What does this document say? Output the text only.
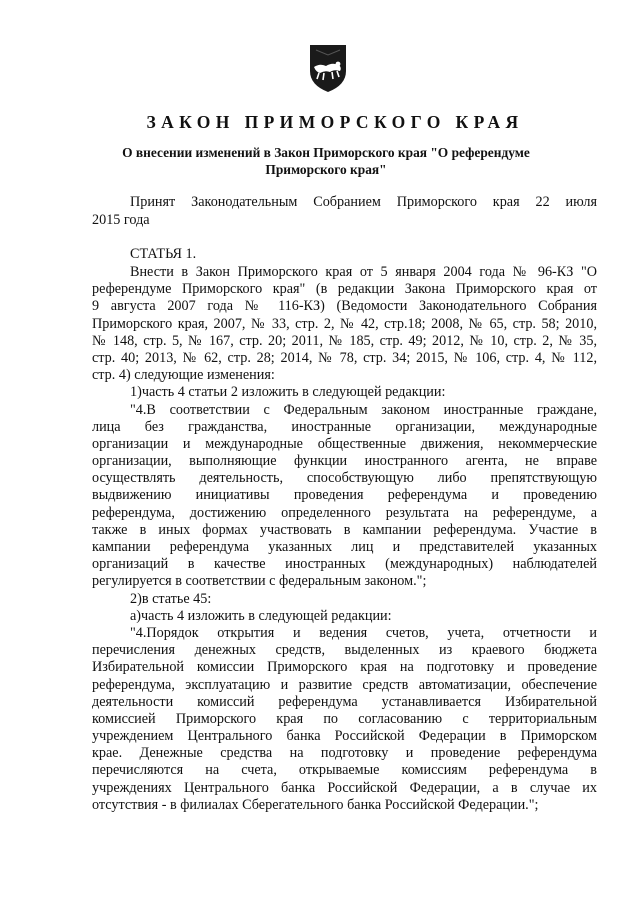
ЗАКОН ПРИМОРСКОГО КРАЯ
О внесении изменений в Закон Приморского края "О референдуме
Приморского края"
Принят Законодательным Собранием Приморского края 22 июля
2015 года
СТАТЬЯ 1.
Внести в Закон Приморского края от 5 января 2004 года № 96-КЗ "О
референдуме Приморского края" (в редакции Закона Приморского края от
9 августа 2007 года № 116-КЗ) (Ведомости Законодательного Собрания
Приморского края, 2007, № 33, стр. 2, № 42, стр.18; 2008, № 65, стр. 58; 2010,
№ 148, стр. 5, № 167, стр. 20; 2011, № 185, стр. 49; 2012, № 10, стр. 2, № 35,
стр. 40; 2013, № 62, стр. 28; 2014, № 78, стр. 34; 2015, № 106, стр. 4, № 112,
стр. 4) следующие изменения:
1)часть 4 статьи 2 изложить в следующей редакции:
"4.В соответствии с Федеральным законом иностранные граждане,
лица без гражданства, иностранные организации, международные
организации и международные общественные движения, некоммерческие
организации, выполняющие функции иностранного агента, не вправе
осуществлять деятельность, способствующую либо препятствующую
выдвижению инициативы проведения референдума и проведению
референдума, достижению определенного результата на референдуме, а
также в иных формах участвовать в кампании референдума. Участие в
кампании референдума указанных лиц и представителей указанных
организаций в качестве иностранных (международных) наблюдателей
регулируется в соответствии с федеральным законом.";
2)в статье 45:
а)часть 4 изложить в следующей редакции:
"4.Порядок открытия и ведения счетов, учета, отчетности и
перечисления денежных средств, выделенных из краевого бюджета
Избирательной комиссии Приморского края на подготовку и проведение
референдума, эксплуатацию и развитие средств автоматизации, обеспечение
деятельности комиссий референдума устанавливается Избирательной
комиссией Приморского края по согласованию с территориальным
учреждением Центрального банка Российской Федерации в Приморском
крае. Денежные средства на подготовку и проведение референдума
перечисляются на счета, открываемые комиссиям референдума в
учреждениях Центрального банка Российской Федерации, а в случае их
отсутствия - в филиалах Сберегательного банка Российской Федерации.";
